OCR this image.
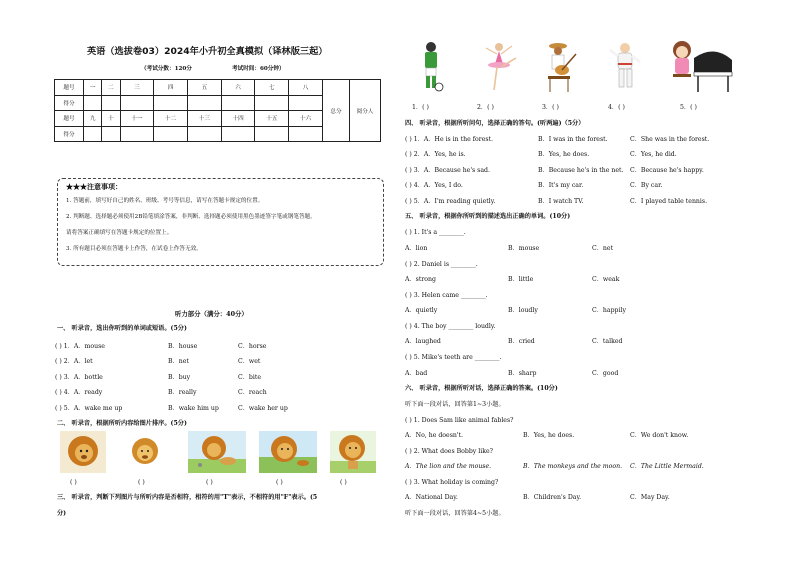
英语（选拔卷03）2024年小升初全真模拟（译林版三起）
（考试分数：120分	考试时间：60分钟）
题号	一	二	三	四	五	六	七	八	总分	阅分人
得分										
题号	九	十	十一	十二	十三	十四	十五	十六		
得分										
★★★注意事项：
1. 答题前，填写好自己的姓名、班级、考号等信息，请写在答题卡规定的位置。
2. 判断题、选择题必须使用2B铅笔填涂答案，非判断、选择题必须使用黑色墨迹签字笔或钢笔答题。
请将答案正确填写在答题卡规定的位置上。
3. 所有题目必须在答题卡上作答，在试卷上作答无效。
听力部分（满分：40分）
一、 听录音，选出你听到的单词或短语。(5分)
( ) 1．A．mouse	B．house	C．horse
( ) 2．A．let	B．net	C．wet
( ) 3．A．bottle	B．buy	C．bite
( ) 4．A．ready	B．really	C．reach
( ) 5．A．wake me up	B．wake him up	C．wake her up
二、 听录音，根据所听内容给图片排序。(5分)
( )	( )	( )	( )	( )
三、 听录音，判断下列图片与所听内容是否相符，相符的用"T"表示，不相符的用"F"表示。(5
分)
1．( )	2．( )	3．( )	4．( )	5．( )
四、 听录音，根据所听问句，选择正确的答句。(听两遍)（5分）
( ) 1．A．He is in the forest.	B．I was in the forest.	C．She was in the forest.
( ) 2．A．Yes, he is.	B．Yes, he does.	C．Yes, he did.
( ) 3．A．Because he's sad.	B．Because he's in the net. C．Because he's happy.
( ) 4．A．Yes, I do.	B．It's my car.	C．By car.
( ) 5．A．I'm reading quietly.	B．I watch TV.	C．I played table tennis.
五、 听录音，根据你所听到的描述选出正确的单词。(10分)
( ) 1. It's a ________.
A．lion	B．mouse	C．net
( ) 2. Daniel is ________.
A．strong	B．little	C．weak
( ) 3. Helen came ________.
A．quietly	B．loudly	C．happily
( ) 4. The boy ________ loudly.
A．laughed	B．cried	C．talked
( ) 5. Mike's teeth are ________.
A．bad	B．sharp	C．good
六、 听录音，根据所听对话，选择正确的答案。(10分)
听下面一段对话，回答第1~3小题。
( ) 1. Does Sam like animal fables?
A．No, he doesn't.	B．Yes, he does.	C．We don't know.
( ) 2. What does Bobby like?
A．The lion and the mouse.	B．The monkeys and the moon. C．The Little Mermaid.
( ) 3. What holiday is coming?
A．National Day.	B．Children's Day.	C．May Day.
听下面一段对话，回答第4~5小题。
